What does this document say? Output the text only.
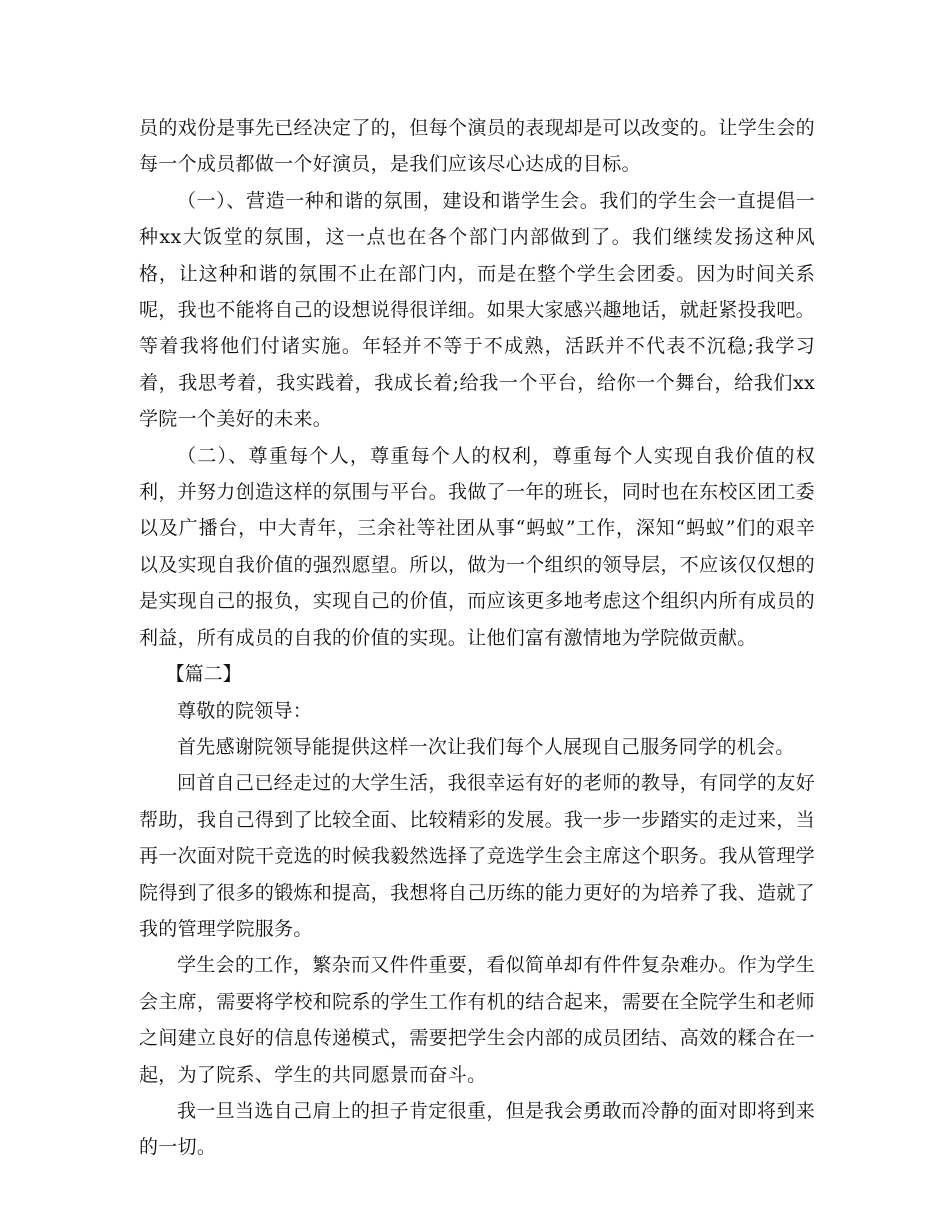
员的戏份是事先已经决定了的，但每个演员的表现却是可以改变的。让学生会的每一个成员都做一个好演员，是我们应该尽心达成的目标。

（一）、营造一种和谐的氛围，建设和谐学生会。我们的学生会一直提倡一种xx大饭堂的氛围，这一点也在各个部门内部做到了。我们继续发扬这种风格，让这种和谐的氛围不止在部门内，而是在整个学生会团委。因为时间关系呢，我也不能将自己的设想说得很详细。如果大家感兴趣地话，就赶紧投我吧。等着我将他们付诸实施。年轻并不等于不成熟，活跃并不代表不沉稳;我学习着，我思考着，我实践着，我成长着;给我一个平台，给你一个舞台，给我们xx学院一个美好的未来。

（二）、尊重每个人，尊重每个人的权利，尊重每个人实现自我价值的权利，并努力创造这样的氛围与平台。我做了一年的班长，同时也在东校区团工委以及广播台，中大青年，三余社等社团从事“蚂蚁”工作，深知“蚂蚁”们的艰辛以及实现自我价值的强烈愿望。所以，做为一个组织的领导层，不应该仅仅想的是实现自己的报负，实现自己的价值，而应该更多地考虑这个组织内所有成员的利益，所有成员的自我的价值的实现。让他们富有激情地为学院做贡献。

【篇二】

尊敬的院领导：

首先感谢院领导能提供这样一次让我们每个人展现自己服务同学的机会。

回首自己已经走过的大学生活，我很幸运有好的老师的教导，有同学的友好帮助，我自己得到了比较全面、比较精彩的发展。我一步一步踏实的走过来，当再一次面对院干竞选的时候我毅然选择了竞选学生会主席这个职务。我从管理学院得到了很多的锻炼和提高，我想将自己历练的能力更好的为培养了我、造就了我的管理学院服务。

学生会的工作，繁杂而又件件重要，看似简单却有件件复杂难办。作为学生会主席，需要将学校和院系的学生工作有机的结合起来，需要在全院学生和老师之间建立良好的信息传递模式，需要把学生会内部的成员团结、高效的糅合在一起，为了院系、学生的共同愿景而奋斗。

我一旦当选自己肩上的担子肯定很重，但是我会勇敢而冷静的面对即将到来的一切。
